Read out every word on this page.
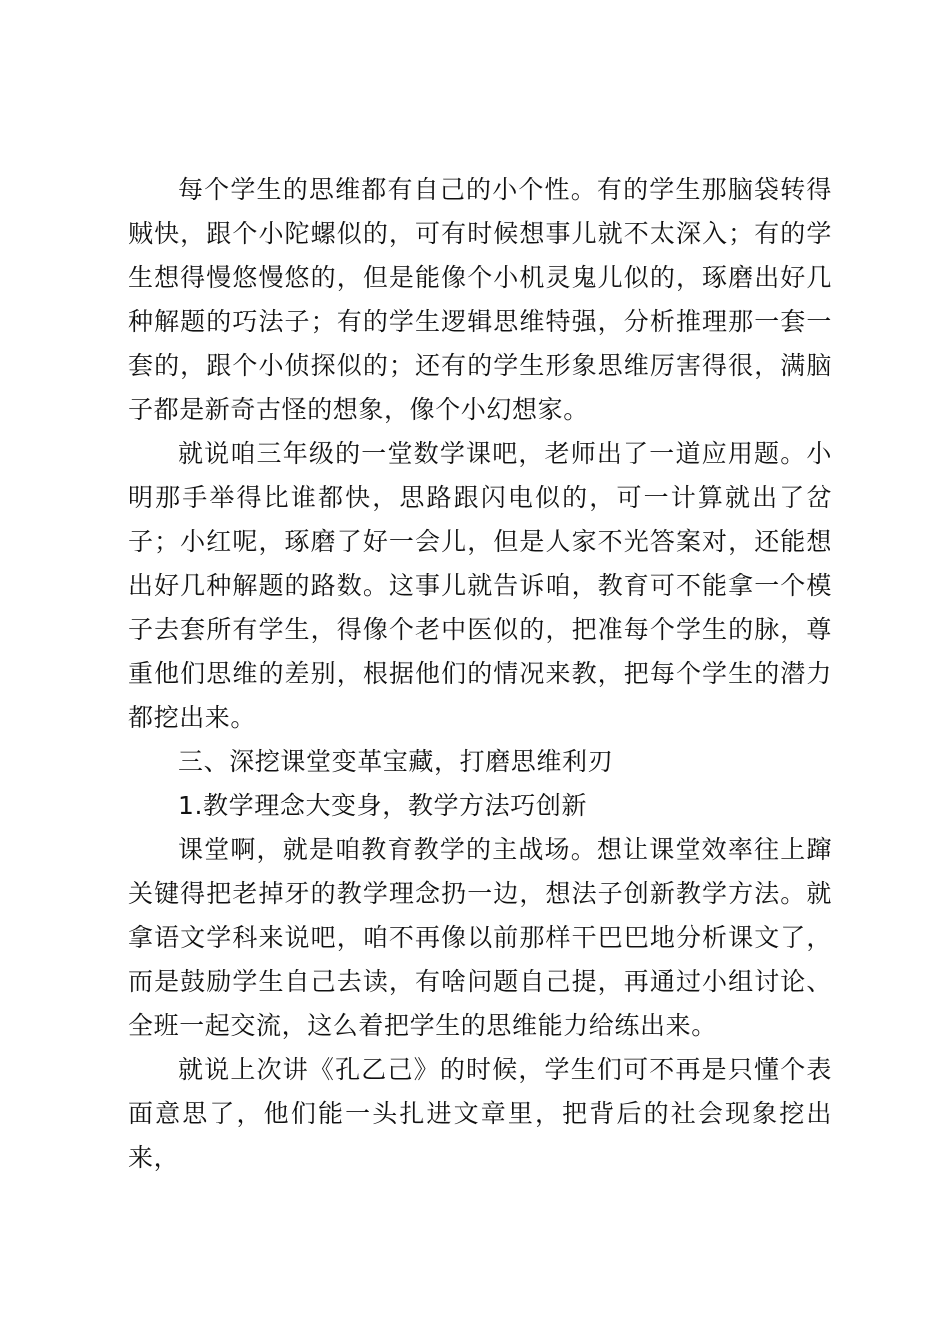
每个学生的思维都有自己的小个性。有的学生那脑袋转得贼快，跟个小陀螺似的，可有时候想事儿就不太深入；有的学生想得慢悠慢悠的，但是能像个小机灵鬼儿似的，琢磨出好几种解题的巧法子；有的学生逻辑思维特强，分析推理那一套一套的，跟个小侦探似的；还有的学生形象思维厉害得很，满脑子都是新奇古怪的想象，像个小幻想家。

就说咱三年级的一堂数学课吧，老师出了一道应用题。小明那手举得比谁都快，思路跟闪电似的，可一计算就出了岔子；小红呢，琢磨了好一会儿，但是人家不光答案对，还能想出好几种解题的路数。这事儿就告诉咱，教育可不能拿一个模子去套所有学生，得像个老中医似的，把准每个学生的脉，尊重他们思维的差别，根据他们的情况来教，把每个学生的潜力都挖出来。

三、深挖课堂变革宝藏，打磨思维利刃

1.教学理念大变身，教学方法巧创新

课堂啊，就是咱教育教学的主战场。想让课堂效率往上蹿关键得把老掉牙的教学理念扔一边，想法子创新教学方法。就拿语文学科来说吧，咱不再像以前那样干巴巴地分析课文了，而是鼓励学生自己去读，有啥问题自己提，再通过小组讨论、全班一起交流，这么着把学生的思维能力给练出来。

就说上次讲《孔乙己》的时候，学生们可不再是只懂个表面意思了，他们能一头扎进文章里，把背后的社会现象挖出来，
